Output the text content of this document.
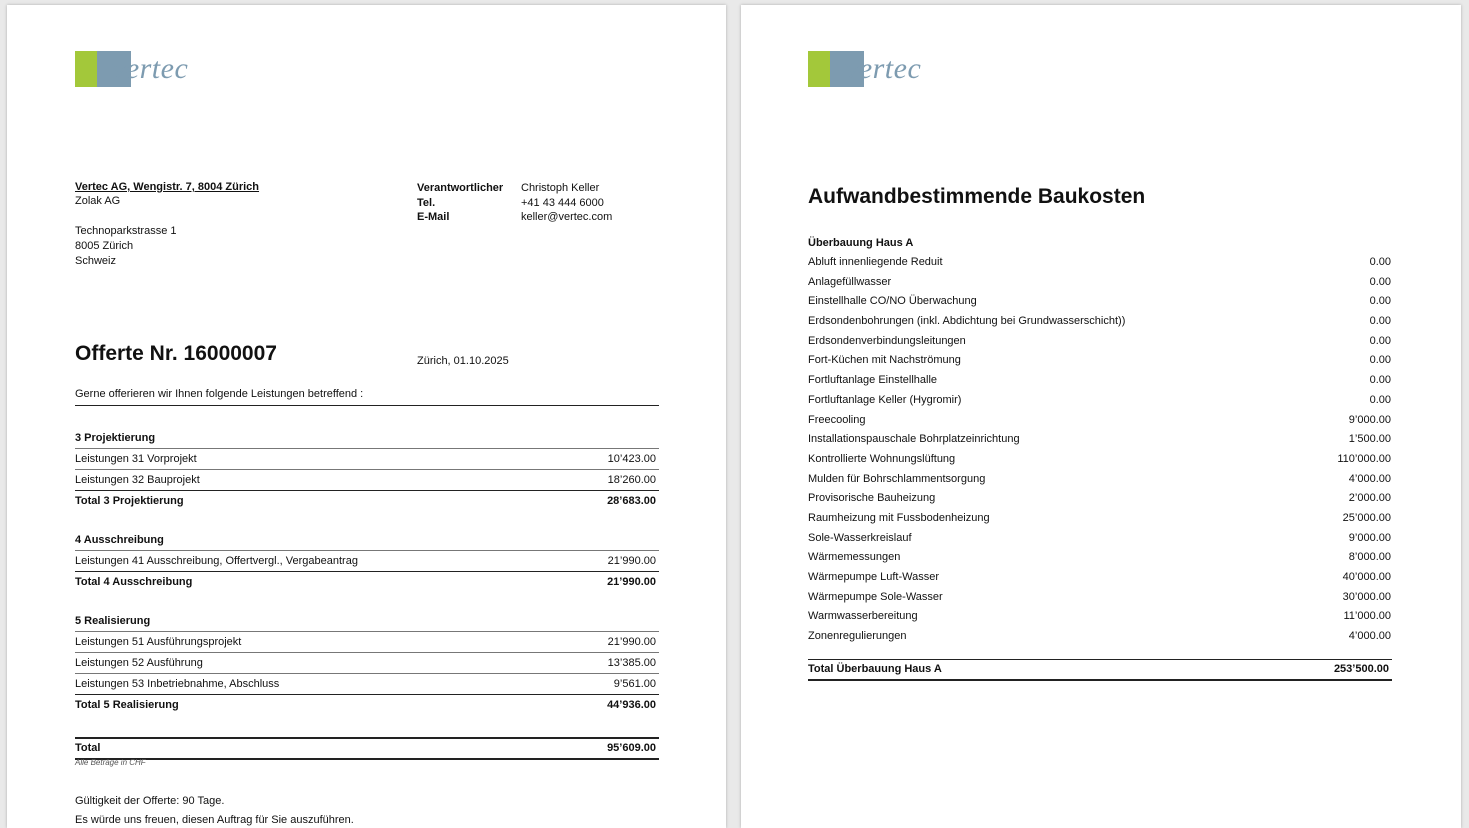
vertec
Vertec AG, Wengistr. 7, 8004 Zürich
Zolak AG
Technoparkstrasse 1
8005 Zürich
Schweiz
Verantwortlicher Christoph Keller
Tel.	+41 43 444 6000
E-Mail	keller@vertec.com
Offerte Nr. 16000007	Zürich, 01.10.2025
Gerne offerieren wir Ihnen folgende Leistungen betreffend :
3 Projektierung
Leistungen 31 Vorprojekt	10’423.00
Leistungen 32 Bauprojekt	18’260.00
Total 3 Projektierung	28’683.00
4 Ausschreibung
Leistungen 41 Ausschreibung, Offertvergl., Vergabeantrag	21’990.00
Total 4 Ausschreibung	21’990.00
5 Realisierung
Leistungen 51 Ausführungsprojekt	21’990.00
Leistungen 52 Ausführung	13’385.00
Leistungen 53 Inbetriebnahme, Abschluss	9’561.00
Total 5 Realisierung	44’936.00
Total	95’609.00
Alle Beträge in CHF
Gültigkeit der Offerte: 90 Tage.
Es würde uns freuen, diesen Auftrag für Sie auszuführen.
vertec
Aufwandbestimmende Baukosten
Überbauung Haus A
Abluft innenliegende Reduit	0.00
Anlagefüllwasser	0.00
Einstellhalle CO/NO Überwachung	0.00
Erdsondenbohrungen (inkl. Abdichtung bei Grundwasserschicht))	0.00
Erdsondenverbindungsleitungen	0.00
Fort-Küchen mit Nachströmung	0.00
Fortluftanlage Einstellhalle	0.00
Fortluftanlage Keller (Hygromir)	0.00
Freecooling	9’000.00
Installationspauschale Bohrplatzeinrichtung	1’500.00
Kontrollierte Wohnungslüftung	110’000.00
Mulden für Bohrschlammentsorgung	4’000.00
Provisorische Bauheizung	2’000.00
Raumheizung mit Fussbodenheizung	25’000.00
Sole-Wasserkreislauf	9’000.00
Wärmemessungen	8’000.00
Wärmepumpe Luft-Wasser	40’000.00
Wärmepumpe Sole-Wasser	30’000.00
Warmwasserbereitung	11’000.00
Zonenregulierungen	4’000.00
Total Überbauung Haus A	253’500.00
